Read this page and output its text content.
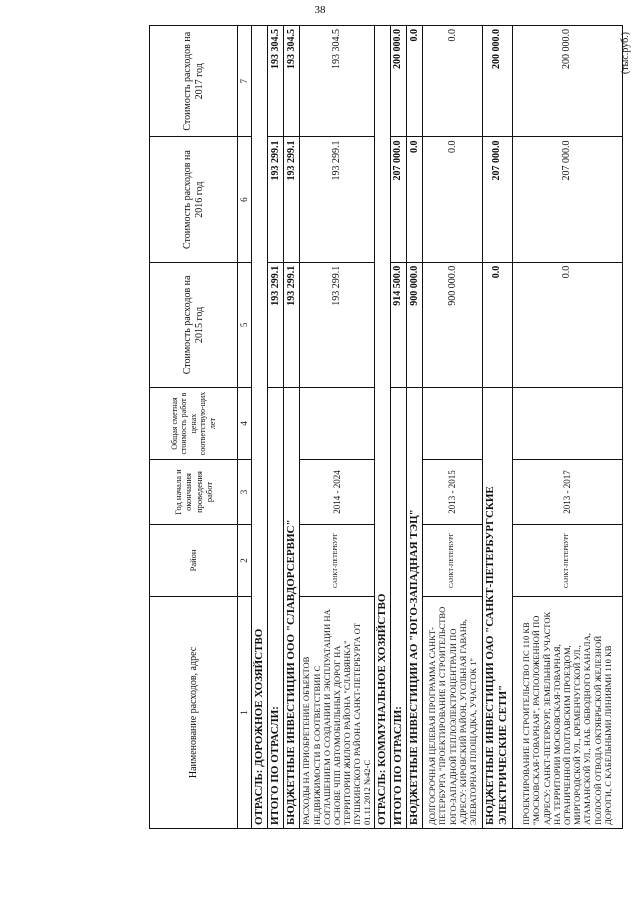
38
(тыс.руб.)
Наименование расходов, адрес	Район	Год начала и окончания проведения работ	Общая сметная стоимость работ в ценах соответствую-щих лет	Стоимость расходов на 2015 год	Стоимость расходов на 2016 год	Стоимость расходов на 2017 год
1	2	3	4	5	6	7
ОТРАСЛЬ: ДОРОЖНОЕ ХОЗЯЙСТВО						
ИТОГО ПО ОТРАСЛИ:				193 299.1	193 299.1	193 304.5
БЮДЖЕТНЫЕ ИНВЕСТИЦИИ ООО "СЛАВДОРСЕРВИС"				193 299.1	193 299.1	193 304.5
РАСХОДЫ НА ПРИОБРЕТЕНИЕ ОБЪЕКТОВ НЕДВИЖИМОСТИ В СООТВЕТСТВИИ С СОГЛАШЕНИЕМ О СОЗДАНИИ И ЭКСПЛУАТАЦИИ НА ОСНОВЕ ЧПП АВТОМОБИЛЬНЫХ ДОРОГ НА ТЕРРИТОРИИ ЖИЛОГО РАЙОНА "СЛАВЯНКА" ПУШКИНСКОГО РАЙОНА САНКТ-ПЕТЕРБУРГА ОТ 01.11.2012 №42-С	САНКТ-ПЕТЕРБУРГ	2014 - 2024		193 299.1	193 299.1	193 304.5
ОТРАСЛЬ: КОММУНАЛЬНОЕ ХОЗЯЙСТВО						
ИТОГО ПО ОТРАСЛИ:				914 500.0	207 000.0	200 000.0
БЮДЖЕТНЫЕ ИНВЕСТИЦИИ АО "ЮГО-ЗАПАДНАЯ ТЭЦ"				900 000.0	0.0	0.0
ДОЛГОСРОЧНАЯ ЦЕЛЕВАЯ ПРОГРАММА САНКТ-ПЕТЕРБУРГА "ПРОЕКТИРОВАНИЕ И СТРОИТЕЛЬСТВО ЮГО-ЗАПАДНОЙ ТЕПЛОЭЛЕКТРОЦЕНТРАЛИ ПО АДРЕСУ: КИРОВСКИЙ РАЙОН, УГОЛЬНАЯ ГАВАНЬ, ЭЛЕВАТОРНАЯ ПЛОЩАДКА, УЧАСТОК 1"	САНКТ-ПЕТЕРБУРГ	2013 - 2015		900 000.0	0.0	0.0
БЮДЖЕТНЫЕ ИНВЕСТИЦИИ ОАО "САНКТ-ПЕТЕРБУРГСКИЕ ЭЛЕКТРИЧЕСКИЕ СЕТИ"				0.0	207 000.0	200 000.0
ПРОЕКТИРОВАНИЕ И СТРОИТЕЛЬСТВО ПС 110 КВ "МОСКОВСКАЯ-ТОВАРНАЯ", РАСПОЛОЖЕННОЙ ПО АДРЕСУ: САНКТ-ПЕТЕРБУРГ, ЗЕМЕЛЬНЫЙ УЧАСТОК НА ТЕРРИТОРИИ МОСКОВСКАЯ-ТОВАРНАЯ, ОГРАНИЧЕННОЙ ПОЛТАВСКИМ ПРОЕЗДОМ, МИРГОРОДСКОЙ УЛ., КРЕМЕНЧУГСКОЙ УЛ., АТАМАНСКОЙ УЛ., НАБ. ОБВОДНОГО КАНАЛА, ПОЛОСОЙ ОТВОДА ОКТЯБРЬСКОЙ ЖЕЛЕЗНОЙ ДОРОГИ, С КАБЕЛЬНЫМИ ЛИНИЯМИ 110 КВ	САНКТ-ПЕТЕРБУРГ	2013 - 2017		0.0	207 000.0	200 000.0
